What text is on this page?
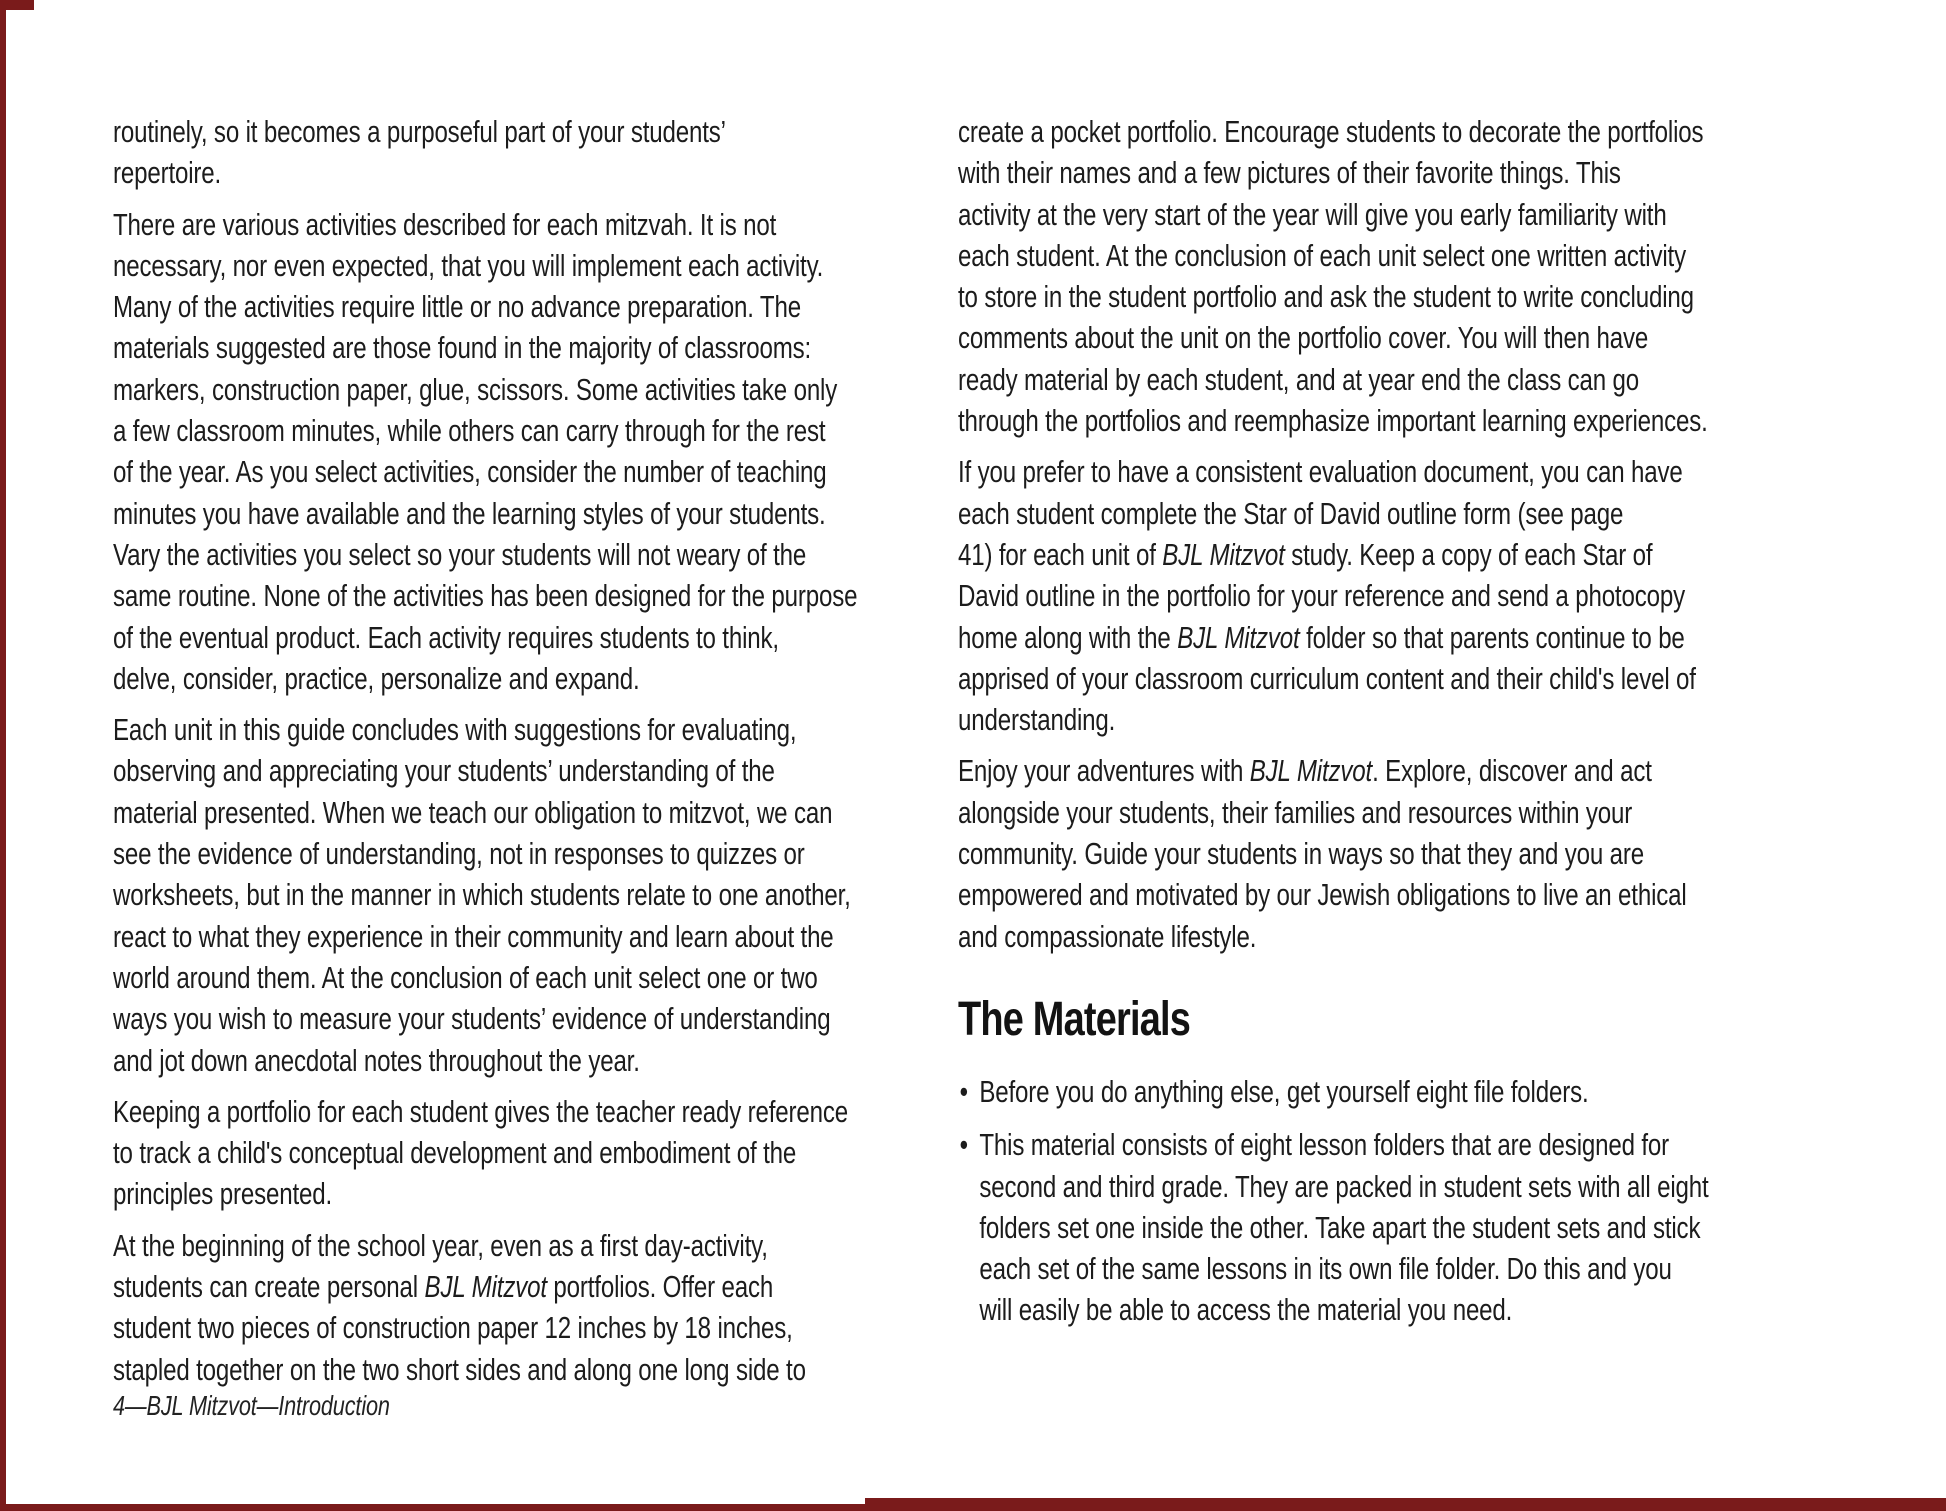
routinely, so it becomes a purposeful part of your students’
repertoire.
There are various activities described for each mitzvah. It is not
necessary, nor even expected, that you will implement each activity.
Many of the activities require little or no advance preparation. The
materials suggested are those found in the majority of classrooms:
markers, construction paper, glue, scissors. Some activities take only
a few classroom minutes, while others can carry through for the rest
of the year. As you select activities, consider the number of teaching
minutes you have available and the learning styles of your students.
Vary the activities you select so your students will not weary of the
same routine. None of the activities has been designed for the purpose
of the eventual product. Each activity requires students to think,
delve, consider, practice, personalize and expand.
Each unit in this guide concludes with suggestions for evaluating,
observing and appreciating your students’ understanding of the
material presented. When we teach our obligation to mitzvot, we can
see the evidence of understanding, not in responses to quizzes or
worksheets, but in the manner in which students relate to one another,
react to what they experience in their community and learn about the
world around them. At the conclusion of each unit select one or two
ways you wish to measure your students’ evidence of understanding
and jot down anecdotal notes throughout the year.
Keeping a portfolio for each student gives the teacher ready reference
to track a child's conceptual development and embodiment of the
principles presented.
At the beginning of the school year, even as a first day-activity,
students can create personal BJL Mitzvot portfolios. Offer each
student two pieces of construction paper 12 inches by 18 inches,
stapled together on the two short sides and along one long side to
create a pocket portfolio. Encourage students to decorate the portfolios
with their names and a few pictures of their favorite things. This
activity at the very start of the year will give you early familiarity with
each student. At the conclusion of each unit select one written activity
to store in the student portfolio and ask the student to write concluding
comments about the unit on the portfolio cover. You will then have
ready material by each student, and at year end the class can go
through the portfolios and reemphasize important learning experiences.
If you prefer to have a consistent evaluation document, you can have
each student complete the Star of David outline form (see page
41) for each unit of BJL Mitzvot study. Keep a copy of each Star of
David outline in the portfolio for your reference and send a photocopy
home along with the BJL Mitzvot folder so that parents continue to be
apprised of your classroom curriculum content and their child's level of
understanding.
Enjoy your adventures with BJL Mitzvot. Explore, discover and act
alongside your students, their families and resources within your
community. Guide your students in ways so that they and you are
empowered and motivated by our Jewish obligations to live an ethical
and compassionate lifestyle.
The Materials
• Before you do anything else, get yourself eight file folders.
• This material consists of eight lesson folders that are designed for
second and third grade. They are packed in student sets with all eight
folders set one inside the other. Take apart the student sets and stick
each set of the same lessons in its own file folder. Do this and you
will easily be able to access the material you need.
4—BJL Mitzvot—Introduction
